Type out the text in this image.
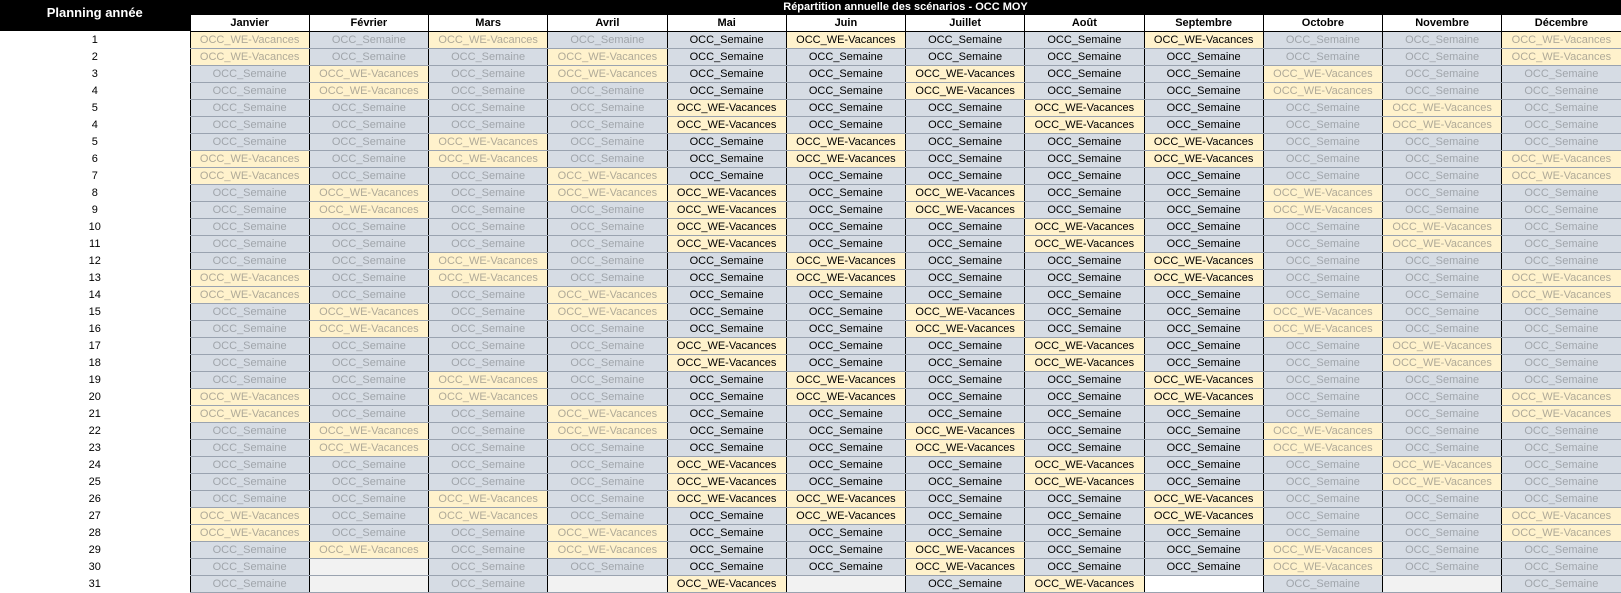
Planning année	Répartition annuelle des scénarios - OCC MOY											
	Janvier	Février	Mars	Avril	Mai	Juin	Juillet	Août	Septembre	Octobre	Novembre	Décembre
1	OCC_WE-Vacances	OCC_Semaine	OCC_WE-Vacances	OCC_Semaine	OCC_Semaine	OCC_WE-Vacances	OCC_Semaine	OCC_Semaine	OCC_WE-Vacances	OCC_Semaine	OCC_Semaine	OCC_WE-Vacances
2	OCC_WE-Vacances	OCC_Semaine	OCC_Semaine	OCC_WE-Vacances	OCC_Semaine	OCC_Semaine	OCC_Semaine	OCC_Semaine	OCC_Semaine	OCC_Semaine	OCC_Semaine	OCC_WE-Vacances
3	OCC_Semaine	OCC_WE-Vacances	OCC_Semaine	OCC_WE-Vacances	OCC_Semaine	OCC_Semaine	OCC_WE-Vacances	OCC_Semaine	OCC_Semaine	OCC_WE-Vacances	OCC_Semaine	OCC_Semaine
4	OCC_Semaine	OCC_WE-Vacances	OCC_Semaine	OCC_Semaine	OCC_Semaine	OCC_Semaine	OCC_WE-Vacances	OCC_Semaine	OCC_Semaine	OCC_WE-Vacances	OCC_Semaine	OCC_Semaine
5	OCC_Semaine	OCC_Semaine	OCC_Semaine	OCC_Semaine	OCC_WE-Vacances	OCC_Semaine	OCC_Semaine	OCC_WE-Vacances	OCC_Semaine	OCC_Semaine	OCC_WE-Vacances	OCC_Semaine
4	OCC_Semaine	OCC_Semaine	OCC_Semaine	OCC_Semaine	OCC_WE-Vacances	OCC_Semaine	OCC_Semaine	OCC_WE-Vacances	OCC_Semaine	OCC_Semaine	OCC_WE-Vacances	OCC_Semaine
5	OCC_Semaine	OCC_Semaine	OCC_WE-Vacances	OCC_Semaine	OCC_Semaine	OCC_WE-Vacances	OCC_Semaine	OCC_Semaine	OCC_WE-Vacances	OCC_Semaine	OCC_Semaine	OCC_Semaine
6	OCC_WE-Vacances	OCC_Semaine	OCC_WE-Vacances	OCC_Semaine	OCC_Semaine	OCC_WE-Vacances	OCC_Semaine	OCC_Semaine	OCC_WE-Vacances	OCC_Semaine	OCC_Semaine	OCC_WE-Vacances
7	OCC_WE-Vacances	OCC_Semaine	OCC_Semaine	OCC_WE-Vacances	OCC_Semaine	OCC_Semaine	OCC_Semaine	OCC_Semaine	OCC_Semaine	OCC_Semaine	OCC_Semaine	OCC_WE-Vacances
8	OCC_Semaine	OCC_WE-Vacances	OCC_Semaine	OCC_WE-Vacances	OCC_WE-Vacances	OCC_Semaine	OCC_WE-Vacances	OCC_Semaine	OCC_Semaine	OCC_WE-Vacances	OCC_Semaine	OCC_Semaine
9	OCC_Semaine	OCC_WE-Vacances	OCC_Semaine	OCC_Semaine	OCC_WE-Vacances	OCC_Semaine	OCC_WE-Vacances	OCC_Semaine	OCC_Semaine	OCC_WE-Vacances	OCC_Semaine	OCC_Semaine
10	OCC_Semaine	OCC_Semaine	OCC_Semaine	OCC_Semaine	OCC_WE-Vacances	OCC_Semaine	OCC_Semaine	OCC_WE-Vacances	OCC_Semaine	OCC_Semaine	OCC_WE-Vacances	OCC_Semaine
11	OCC_Semaine	OCC_Semaine	OCC_Semaine	OCC_Semaine	OCC_WE-Vacances	OCC_Semaine	OCC_Semaine	OCC_WE-Vacances	OCC_Semaine	OCC_Semaine	OCC_WE-Vacances	OCC_Semaine
12	OCC_Semaine	OCC_Semaine	OCC_WE-Vacances	OCC_Semaine	OCC_Semaine	OCC_WE-Vacances	OCC_Semaine	OCC_Semaine	OCC_WE-Vacances	OCC_Semaine	OCC_Semaine	OCC_Semaine
13	OCC_WE-Vacances	OCC_Semaine	OCC_WE-Vacances	OCC_Semaine	OCC_Semaine	OCC_WE-Vacances	OCC_Semaine	OCC_Semaine	OCC_WE-Vacances	OCC_Semaine	OCC_Semaine	OCC_WE-Vacances
14	OCC_WE-Vacances	OCC_Semaine	OCC_Semaine	OCC_WE-Vacances	OCC_Semaine	OCC_Semaine	OCC_Semaine	OCC_Semaine	OCC_Semaine	OCC_Semaine	OCC_Semaine	OCC_WE-Vacances
15	OCC_Semaine	OCC_WE-Vacances	OCC_Semaine	OCC_WE-Vacances	OCC_Semaine	OCC_Semaine	OCC_WE-Vacances	OCC_Semaine	OCC_Semaine	OCC_WE-Vacances	OCC_Semaine	OCC_Semaine
16	OCC_Semaine	OCC_WE-Vacances	OCC_Semaine	OCC_Semaine	OCC_Semaine	OCC_Semaine	OCC_WE-Vacances	OCC_Semaine	OCC_Semaine	OCC_WE-Vacances	OCC_Semaine	OCC_Semaine
17	OCC_Semaine	OCC_Semaine	OCC_Semaine	OCC_Semaine	OCC_WE-Vacances	OCC_Semaine	OCC_Semaine	OCC_WE-Vacances	OCC_Semaine	OCC_Semaine	OCC_WE-Vacances	OCC_Semaine
18	OCC_Semaine	OCC_Semaine	OCC_Semaine	OCC_Semaine	OCC_WE-Vacances	OCC_Semaine	OCC_Semaine	OCC_WE-Vacances	OCC_Semaine	OCC_Semaine	OCC_WE-Vacances	OCC_Semaine
19	OCC_Semaine	OCC_Semaine	OCC_WE-Vacances	OCC_Semaine	OCC_Semaine	OCC_WE-Vacances	OCC_Semaine	OCC_Semaine	OCC_WE-Vacances	OCC_Semaine	OCC_Semaine	OCC_Semaine
20	OCC_WE-Vacances	OCC_Semaine	OCC_WE-Vacances	OCC_Semaine	OCC_Semaine	OCC_WE-Vacances	OCC_Semaine	OCC_Semaine	OCC_WE-Vacances	OCC_Semaine	OCC_Semaine	OCC_WE-Vacances
21	OCC_WE-Vacances	OCC_Semaine	OCC_Semaine	OCC_WE-Vacances	OCC_Semaine	OCC_Semaine	OCC_Semaine	OCC_Semaine	OCC_Semaine	OCC_Semaine	OCC_Semaine	OCC_WE-Vacances
22	OCC_Semaine	OCC_WE-Vacances	OCC_Semaine	OCC_WE-Vacances	OCC_Semaine	OCC_Semaine	OCC_WE-Vacances	OCC_Semaine	OCC_Semaine	OCC_WE-Vacances	OCC_Semaine	OCC_Semaine
23	OCC_Semaine	OCC_WE-Vacances	OCC_Semaine	OCC_Semaine	OCC_Semaine	OCC_Semaine	OCC_WE-Vacances	OCC_Semaine	OCC_Semaine	OCC_WE-Vacances	OCC_Semaine	OCC_Semaine
24	OCC_Semaine	OCC_Semaine	OCC_Semaine	OCC_Semaine	OCC_WE-Vacances	OCC_Semaine	OCC_Semaine	OCC_WE-Vacances	OCC_Semaine	OCC_Semaine	OCC_WE-Vacances	OCC_Semaine
25	OCC_Semaine	OCC_Semaine	OCC_Semaine	OCC_Semaine	OCC_WE-Vacances	OCC_Semaine	OCC_Semaine	OCC_WE-Vacances	OCC_Semaine	OCC_Semaine	OCC_WE-Vacances	OCC_Semaine
26	OCC_Semaine	OCC_Semaine	OCC_WE-Vacances	OCC_Semaine	OCC_WE-Vacances	OCC_WE-Vacances	OCC_Semaine	OCC_Semaine	OCC_WE-Vacances	OCC_Semaine	OCC_Semaine	OCC_Semaine
27	OCC_WE-Vacances	OCC_Semaine	OCC_WE-Vacances	OCC_Semaine	OCC_Semaine	OCC_WE-Vacances	OCC_Semaine	OCC_Semaine	OCC_WE-Vacances	OCC_Semaine	OCC_Semaine	OCC_WE-Vacances
28	OCC_WE-Vacances	OCC_Semaine	OCC_Semaine	OCC_WE-Vacances	OCC_Semaine	OCC_Semaine	OCC_Semaine	OCC_Semaine	OCC_Semaine	OCC_Semaine	OCC_Semaine	OCC_WE-Vacances
29	OCC_Semaine	OCC_WE-Vacances	OCC_Semaine	OCC_WE-Vacances	OCC_Semaine	OCC_Semaine	OCC_WE-Vacances	OCC_Semaine	OCC_Semaine	OCC_WE-Vacances	OCC_Semaine	OCC_Semaine
30	OCC_Semaine		OCC_Semaine	OCC_Semaine	OCC_Semaine	OCC_Semaine	OCC_WE-Vacances	OCC_Semaine	OCC_Semaine	OCC_WE-Vacances	OCC_Semaine	OCC_Semaine
31	OCC_Semaine		OCC_Semaine		OCC_WE-Vacances		OCC_Semaine	OCC_WE-Vacances		OCC_Semaine		OCC_Semaine
